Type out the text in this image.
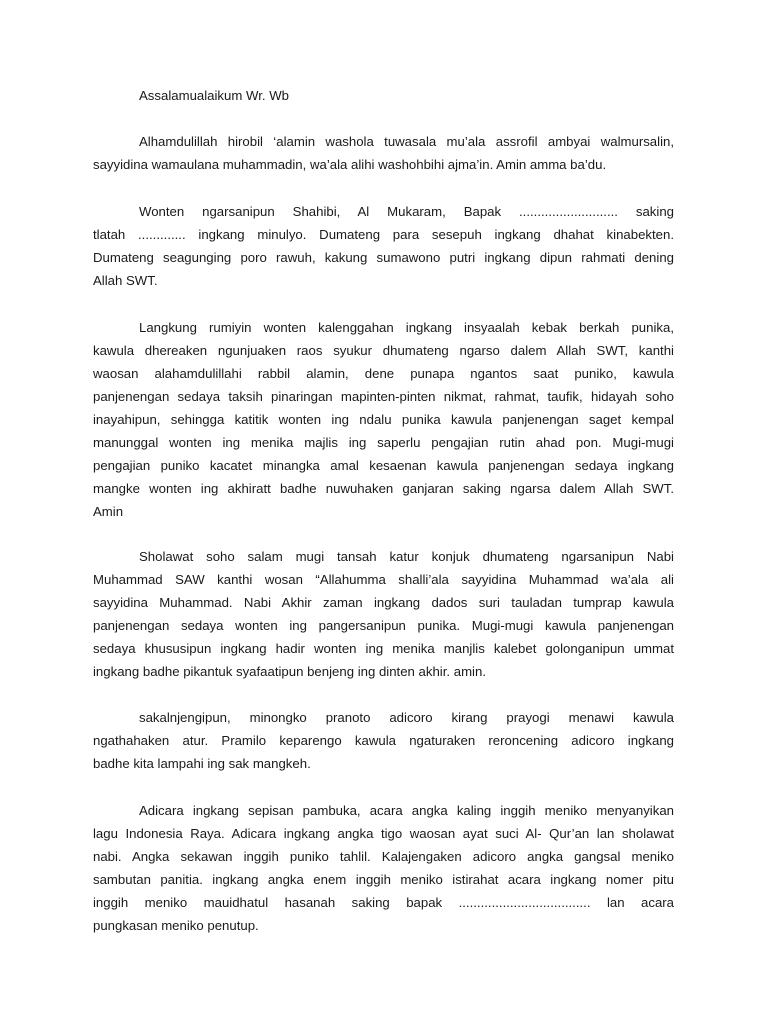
Assalamualaikum Wr. Wb
Alhamdulillah hirobil ‘alamin washola tuwasala mu’ala assrofil ambyai walmursalin,
sayyidina wamaulana muhammadin, wa’ala alihi washohbihi ajma’in. Amin amma ba’du.
Wonten ngarsanipun Shahibi, Al Mukaram, Bapak ........................... saking
tlatah ............. ingkang minulyo. Dumateng para sesepuh ingkang dhahat kinabekten.
Dumateng seagunging poro rawuh, kakung sumawono putri ingkang dipun rahmati dening
Allah SWT.
Langkung rumiyin wonten kalenggahan ingkang insyaalah kebak berkah punika,
kawula dhereaken ngunjuaken raos syukur dhumateng ngarso dalem Allah SWT, kanthi
waosan alahamdulillahi rabbil alamin, dene punapa ngantos saat puniko, kawula
panjenengan sedaya taksih pinaringan mapinten-pinten nikmat, rahmat, taufik, hidayah soho
inayahipun, sehingga katitik wonten ing ndalu punika kawula panjenengan saget kempal
manunggal wonten ing menika majlis ing saperlu pengajian rutin ahad pon. Mugi-mugi
pengajian puniko kacatet minangka amal kesaenan kawula panjenengan sedaya ingkang
mangke wonten ing akhiratt badhe nuwuhaken ganjaran saking ngarsa dalem Allah SWT.
Amin
Sholawat soho salam mugi tansah katur konjuk dhumateng ngarsanipun Nabi
Muhammad SAW kanthi wosan “Allahumma shalli’ala sayyidina Muhammad wa’ala ali
sayyidina Muhammad. Nabi Akhir zaman ingkang dados suri tauladan tumprap kawula
panjenengan sedaya wonten ing pangersanipun punika. Mugi-mugi kawula panjenengan
sedaya khususipun ingkang hadir wonten ing menika manjlis kalebet golonganipun ummat
ingkang badhe pikantuk syafaatipun benjeng ing dinten akhir. amin.
sakalnjengipun, minongko pranoto adicoro kirang prayogi menawi kawula
ngathahaken atur. Pramilo keparengo kawula ngaturaken reroncening adicoro ingkang
badhe kita lampahi ing sak mangkeh.
Adicara ingkang sepisan pambuka, acara angka kaling inggih meniko menyanyikan
lagu Indonesia Raya. Adicara ingkang angka tigo waosan ayat suci Al- Qur’an lan sholawat
nabi. Angka sekawan inggih puniko tahlil. Kalajengaken adicoro angka gangsal meniko
sambutan panitia. ingkang angka enem inggih meniko istirahat acara ingkang nomer pitu
inggih meniko mauidhatul hasanah saking bapak .................................... lan acara
pungkasan meniko penutup.
